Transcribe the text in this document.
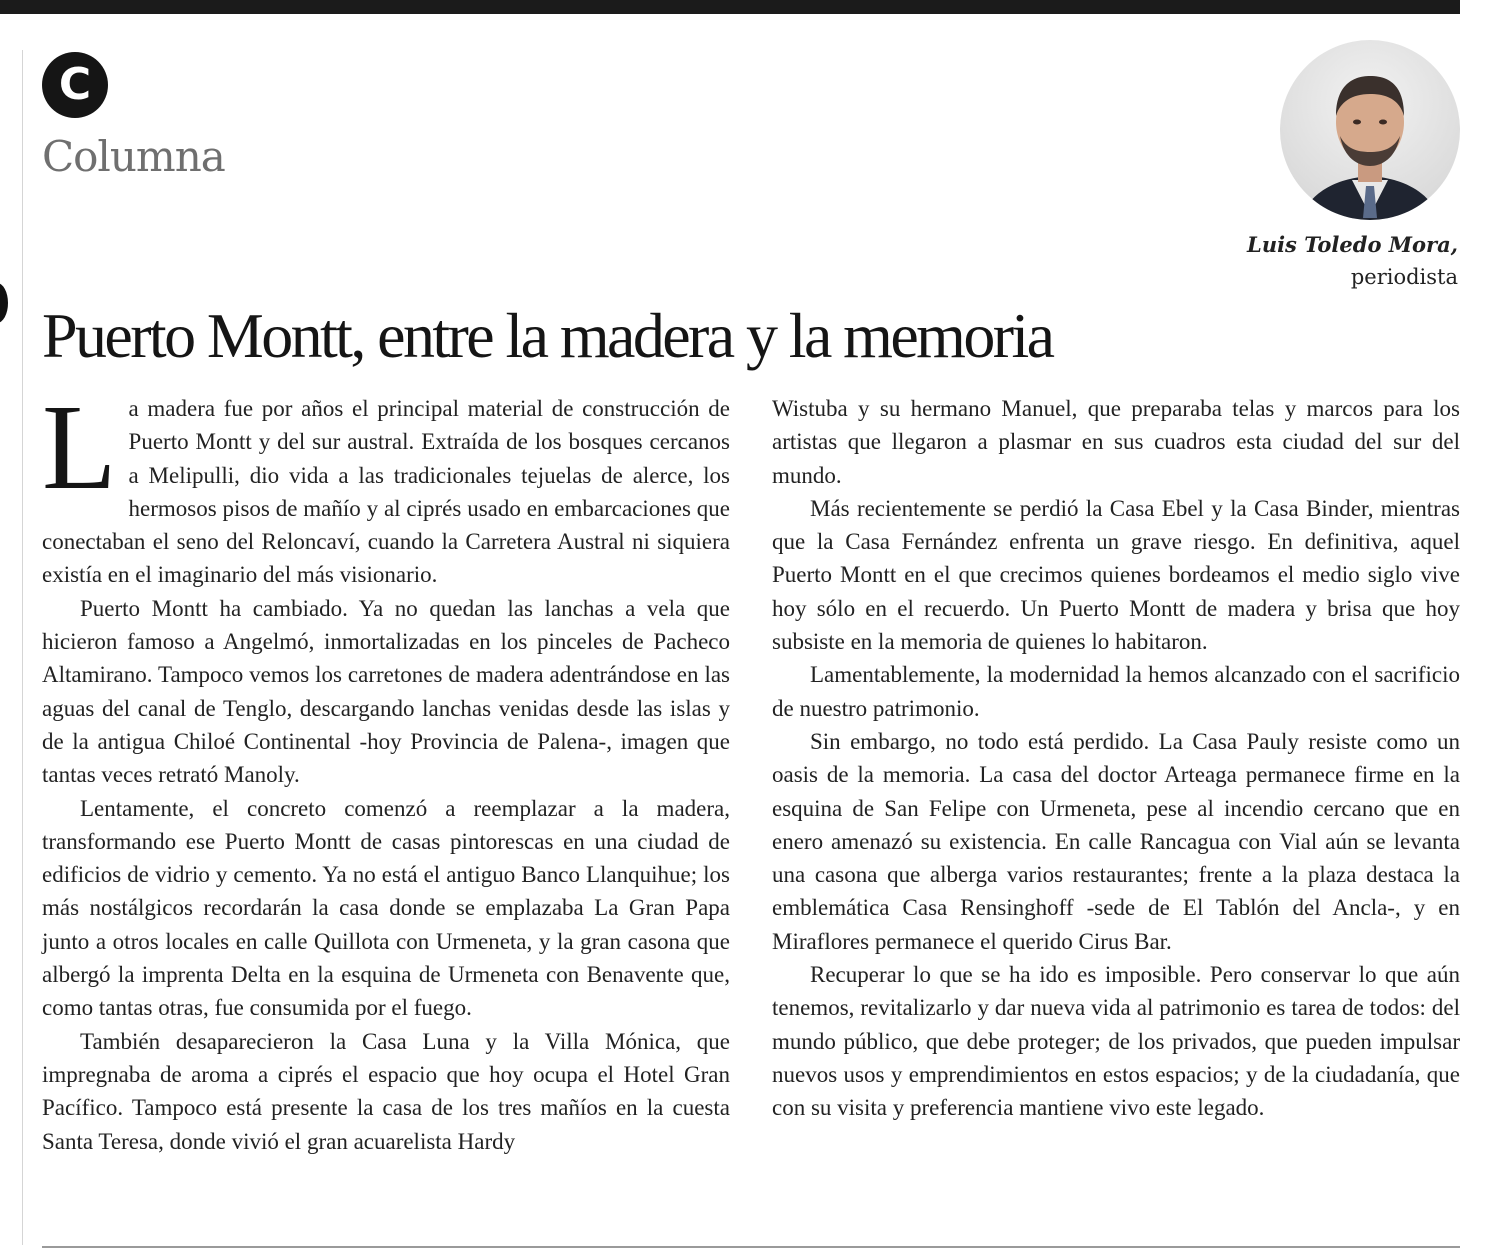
C
Columna
Luis Toledo Mora,
periodista
Puerto Montt, entre la madera y la memoria

La madera fue por años el principal material de construcción de Puerto Montt y del sur austral. Extraída de los bosques cercanos a Melipulli, dio vida a las tradicionales tejuelas de alerce, los hermosos pisos de mañío y al ciprés usado en embarcaciones que conectaban el seno del Reloncaví, cuando la Carretera Austral ni siquiera existía en el imaginario del más visionario.

Puerto Montt ha cambiado. Ya no quedan las lanchas a vela que hicieron famoso a Angelmó, inmortalizadas en los pinceles de Pacheco Altamirano. Tampoco vemos los carretones de madera adentrándose en las aguas del canal de Tenglo, descargando lanchas venidas desde las islas y de la antigua Chiloé Continental -hoy Provincia de Palena-, imagen que tantas veces retrató Manoly.

Lentamente, el concreto comenzó a reemplazar a la madera, transformando ese Puerto Montt de casas pintorescas en una ciudad de edificios de vidrio y cemento. Ya no está el antiguo Banco Llanquihue; los más nostálgicos recordarán la casa donde se emplazaba La Gran Papa junto a otros locales en calle Quillota con Urmeneta, y la gran casona que albergó la imprenta Delta en la esquina de Urmeneta con Benavente que, como tantas otras, fue consumida por el fuego.

También desaparecieron la Casa Luna y la Villa Mónica, que impregnaba de aroma a ciprés el espacio que hoy ocupa el Hotel Gran Pacífico. Tampoco está presente la casa de los tres mañíos en la cuesta Santa Teresa, donde vivió el gran acuarelista Hardy

Wistuba y su hermano Manuel, que preparaba telas y marcos para los artistas que llegaron a plasmar en sus cuadros esta ciudad del sur del mundo.

Más recientemente se perdió la Casa Ebel y la Casa Binder, mientras que la Casa Fernández enfrenta un grave riesgo. En definitiva, aquel Puerto Montt en el que crecimos quienes bordeamos el medio siglo vive hoy sólo en el recuerdo. Un Puerto Montt de madera y brisa que hoy subsiste en la memoria de quienes lo habitaron.

Lamentablemente, la modernidad la hemos alcanzado con el sacrificio de nuestro patrimonio.

Sin embargo, no todo está perdido. La Casa Pauly resiste como un oasis de la memoria. La casa del doctor Arteaga permanece firme en la esquina de San Felipe con Urmeneta, pese al incendio cercano que en enero amenazó su existencia. En calle Rancagua con Vial aún se levanta una casona que alberga varios restaurantes; frente a la plaza destaca la emblemática Casa Rensinghoff -sede de El Tablón del Ancla-, y en Miraflores permanece el querido Cirus Bar.

Recuperar lo que se ha ido es imposible. Pero conservar lo que aún tenemos, revitalizarlo y dar nueva vida al patrimonio es tarea de todos: del mundo público, que debe proteger; de los privados, que pueden impulsar nuevos usos y emprendimientos en estos espacios; y de la ciudadanía, que con su visita y preferencia mantiene vivo este legado.
